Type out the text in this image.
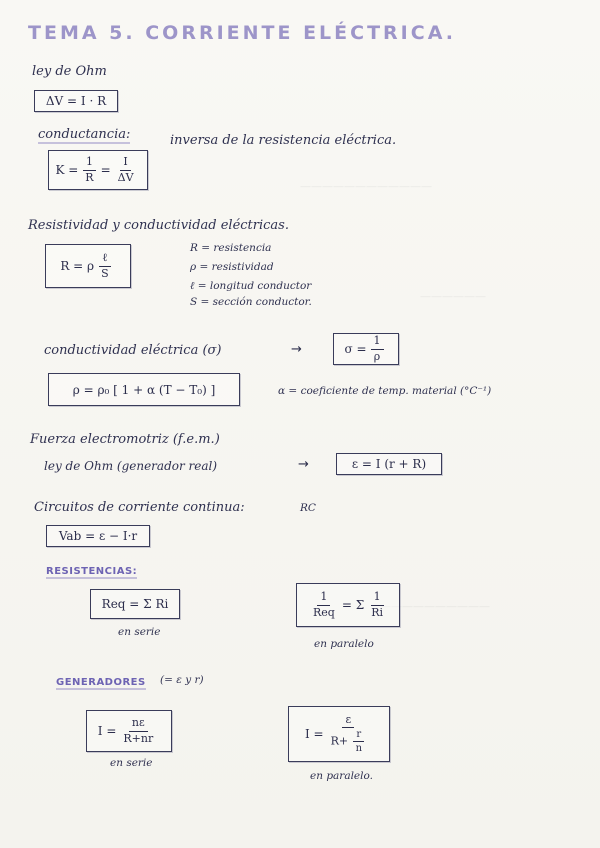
————————————
——————
——————————
TEMA 5. CORRIENTE ELÉCTRICA.
ley de Ohm
ΔV = I · R
conductancia:	inversa de la resistencia eléctrica.
$K = \frac{1}{R} = \frac{I}{\Delta V}$
Resistividad y conductividad eléctricas.
R = ρ $\frac{\text{ℓ}}{S}$
R = resistencia
ρ = resistividad
ℓ = longitud conductor
S = sección conductor.
conductividad eléctrica (σ)	→	$\sigma = \frac{1}{\rho}$
ρ = ρ₀ [ 1 + α (T − T₀) ]	α = coeficiente de temp. material (°C⁻¹)
Fuerza electromotriz (f.e.m.)
ley de Ohm (generador real)	→	ε = I (r + R)
Circuitos de corriente continua:	RC
Vab = ε − I·r
RESISTENCIAS:
Req = Σ Ri
en serie
$\frac{1}{\text{Req}} = \Sigma \frac{1}{Ri}$
en paralelo
GENERADORES (= ε y r)
$I = \frac{n\varepsilon}{R+nr}$
en serie
$I = \frac{\varepsilon}{R+ \frac{r}{n}}$
en paralelo.
